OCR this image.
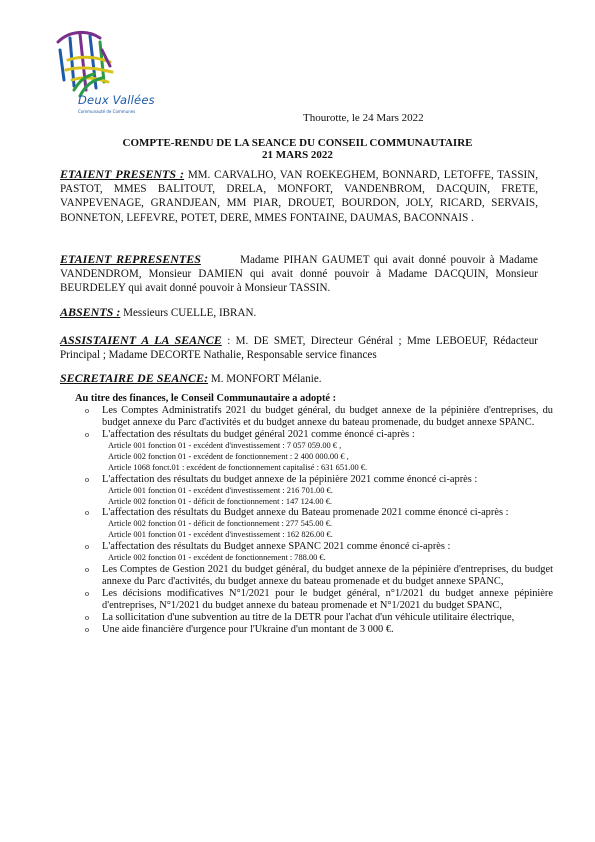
Deux Vallées
Communauté de Communes
Thourotte, le 24 Mars 2022
COMPTE-RENDU DE LA SEANCE DU CONSEIL COMMUNAUTAIRE
21 MARS 2022
ETAIENT PRESENTS : MM. CARVALHO, VAN ROEKEGHEM, BONNARD, LETOFFE, TASSIN, PASTOT, MMES BALITOUT, DRELA, MONFORT, VANDENBROM, DACQUIN, FRETE, VANPEVENAGE, GRANDJEAN, MM PIAR, DROUET, BOURDON, JOLY, RICARD, SERVAIS, BONNETON, LEFEVRE, POTET, DERE, MMES FONTAINE, DAUMAS, BACONNAIS .
ETAIENT REPRESENTES	Madame PIHAN GAUMET qui avait donné pouvoir à Madame VANDENDROM, Monsieur DAMIEN qui avait donné pouvoir à Madame DACQUIN, Monsieur BEURDELEY qui avait donné pouvoir à Monsieur TASSIN.
ABSENTS : Messieurs CUELLE, IBRAN.
ASSISTAIENT A LA SEANCE : M. DE SMET, Directeur Général ; Mme LEBOEUF, Rédacteur Principal ; Madame DECORTE Nathalie, Responsable service finances
SECRETAIRE DE SEANCE: M. MONFORT Mélanie.
Au titre des finances, le Conseil Communautaire a adopté :
o Les Comptes Administratifs 2021 du budget général, du budget annexe de la pépinière d'entreprises, du budget annexe du Parc d'activités et du budget annexe du bateau promenade, du budget annexe SPANC.
o L'affectation des résultats du budget général 2021 comme énoncé ci-après :
Article 001 fonction 01 - excédent d'investissement : 7 057 059.00 € ,
Article 002 fonction 01 - excédent de fonctionnement : 2 400 000.00 € ,
Article 1068 fonct.01 : excédent de fonctionnement capitalisé : 631 651.00 €.
o L'affectation des résultats du budget annexe de la pépinière 2021 comme énoncé ci-après :
Article 001 fonction 01 - excédent d'investissement : 216 701.00 €.
Article 002 fonction 01 - déficit de fonctionnement : 147 124.00 €.
o L'affectation des résultats du Budget annexe du Bateau promenade 2021 comme énoncé ci-après :
Article 002 fonction 01 - déficit de fonctionnement : 277 545.00 €.
Article 001 fonction 01 - excédent d'investissement : 162 826.00 €.
o L'affectation des résultats du Budget annexe SPANC 2021 comme énoncé ci-après :
Article 002 fonction 01 - excédent de fonctionnement : 788.00 €.
o Les Comptes de Gestion 2021 du budget général, du budget annexe de la pépinière d'entreprises, du budget annexe du Parc d'activités, du budget annexe du bateau promenade et du budget annexe SPANC,
o Les décisions modificatives N°1/2021 pour le budget général, n°1/2021 du budget annexe pépinière d'entreprises, N°1/2021 du budget annexe du bateau promenade et N°1/2021 du budget SPANC,
o La sollicitation d'une subvention au titre de la DETR pour l'achat d'un véhicule utilitaire électrique,
o Une aide financière d'urgence pour l'Ukraine d'un montant de 3 000 €.
